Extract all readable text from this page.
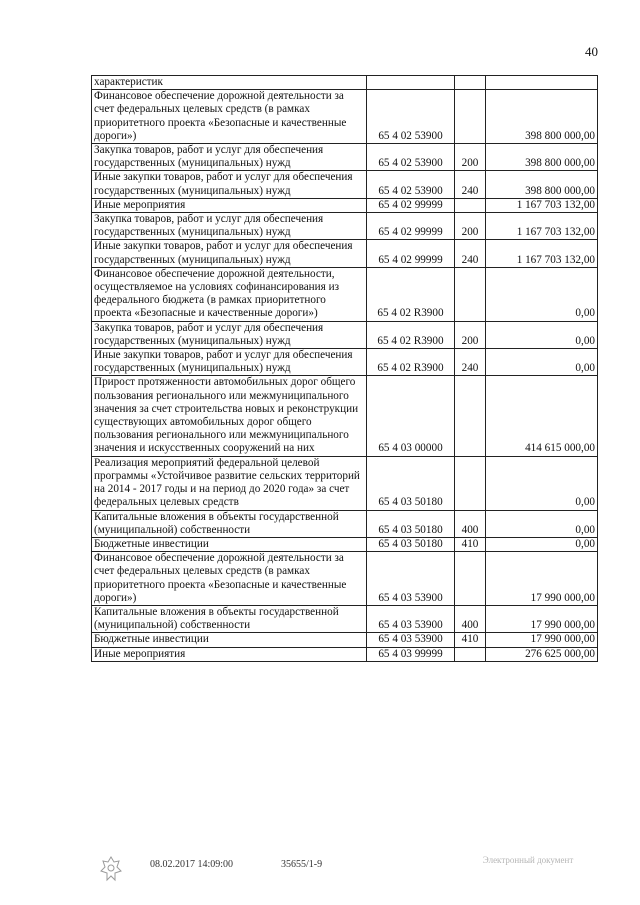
40
характеристик			
Финансовое обеспечение дорожной деятельности за счет федеральных целевых средств (в рамках приоритетного проекта «Безопасные и качественные дороги»)	65 4 02 53900		398 800 000,00
Закупка товаров, работ и услуг для обеспечения государственных (муниципальных) нужд	65 4 02 53900	200	398 800 000,00
Иные закупки товаров, работ и услуг для обеспечения государственных (муниципальных) нужд	65 4 02 53900	240	398 800 000,00
Иные мероприятия	65 4 02 99999		1 167 703 132,00
Закупка товаров, работ и услуг для обеспечения государственных (муниципальных) нужд	65 4 02 99999	200	1 167 703 132,00
Иные закупки товаров, работ и услуг для обеспечения государственных (муниципальных) нужд	65 4 02 99999	240	1 167 703 132,00
Финансовое обеспечение дорожной деятельности, осуществляемое на условиях софинансирования из федерального бюджета (в рамках приоритетного проекта «Безопасные и качественные дороги»)	65 4 02 R3900		0,00
Закупка товаров, работ и услуг для обеспечения государственных (муниципальных) нужд	65 4 02 R3900	200	0,00
Иные закупки товаров, работ и услуг для обеспечения государственных (муниципальных) нужд	65 4 02 R3900	240	0,00
Прирост протяженности автомобильных дорог общего пользования регионального или межмуниципального значения за счет строительства новых и реконструкции существующих автомобильных дорог общего пользования регионального или межмуниципального значения и искусственных сооружений на них	65 4 03 00000		414 615 000,00
Реализация мероприятий федеральной целевой программы «Устойчивое развитие сельских территорий на 2014 - 2017 годы и на период до 2020 года» за счет федеральных целевых средств	65 4 03 50180		0,00
Капитальные вложения в объекты государственной (муниципальной) собственности	65 4 03 50180	400	0,00
Бюджетные инвестиции	65 4 03 50180	410	0,00
Финансовое обеспечение дорожной деятельности за счет федеральных целевых средств (в рамках приоритетного проекта «Безопасные и качественные дороги»)	65 4 03 53900		17 990 000,00
Капитальные вложения в объекты государственной (муниципальной) собственности	65 4 03 53900	400	17 990 000,00
Бюджетные инвестиции	65 4 03 53900	410	17 990 000,00
Иные мероприятия	65 4 03 99999		276 625 000,00
08.02.2017 14:09:00	35655/1-9	Электронный документ
